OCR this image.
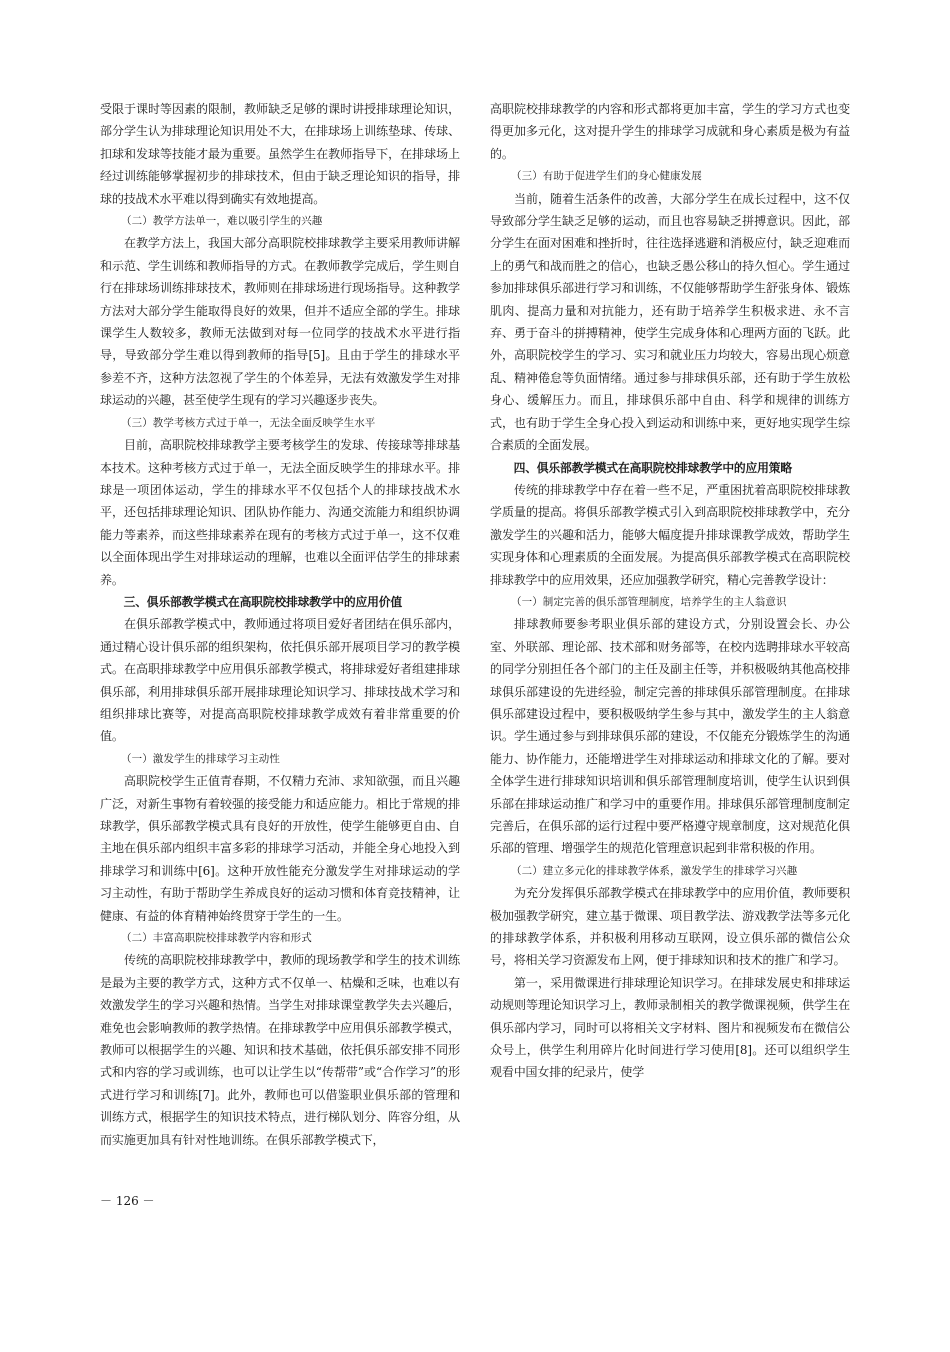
受限于课时等因素的限制，教师缺乏足够的课时讲授排球理论知识，部分学生认为排球理论知识用处不大，在排球场上训练垫球、传球、扣球和发球等技能才最为重要。虽然学生在教师指导下，在排球场上经过训练能够掌握初步的排球技术，但由于缺乏理论知识的指导，排球的技战术水平难以得到确实有效地提高。

（二）教学方法单一，难以吸引学生的兴趣

在教学方法上，我国大部分高职院校排球教学主要采用教师讲解和示范、学生训练和教师指导的方式。在教师教学完成后，学生则自行在排球场训练排球技术，教师则在排球场进行现场指导。这种教学方法对大部分学生能取得良好的效果，但并不适应全部的学生。排球课学生人数较多，教师无法做到对每一位同学的技战术水平进行指导，导致部分学生难以得到教师的指导[5]。且由于学生的排球水平参差不齐，这种方法忽视了学生的个体差异，无法有效激发学生对排球运动的兴趣，甚至使学生现有的学习兴趣逐步丧失。

（三）教学考核方式过于单一，无法全面反映学生水平

目前，高职院校排球教学主要考核学生的发球、传接球等排球基本技术。这种考核方式过于单一，无法全面反映学生的排球水平。排球是一项团体运动，学生的排球水平不仅包括个人的排球技战术水平，还包括排球理论知识、团队协作能力、沟通交流能力和组织协调能力等素养，而这些排球素养在现有的考核方式过于单一，这不仅难以全面体现出学生对排球运动的理解，也难以全面评估学生的排球素养。

三、俱乐部教学模式在高职院校排球教学中的应用价值

在俱乐部教学模式中，教师通过将项目爱好者团结在俱乐部内，通过精心设计俱乐部的组织架构，依托俱乐部开展项目学习的教学模式。在高职排球教学中应用俱乐部教学模式，将排球爱好者组建排球俱乐部，利用排球俱乐部开展排球理论知识学习、排球技战术学习和组织排球比赛等，对提高高职院校排球教学成效有着非常重要的价值。

（一）激发学生的排球学习主动性

高职院校学生正值青春期，不仅精力充沛、求知欲强，而且兴趣广泛，对新生事物有着较强的接受能力和适应能力。相比于常规的排球教学，俱乐部教学模式具有良好的开放性，使学生能够更自由、自主地在俱乐部内组织丰富多彩的排球学习活动，并能全身心地投入到排球学习和训练中[6]。这种开放性能充分激发学生对排球运动的学习主动性，有助于帮助学生养成良好的运动习惯和体育竞技精神，让健康、有益的体育精神始终贯穿于学生的一生。

（二）丰富高职院校排球教学内容和形式

传统的高职院校排球教学中，教师的现场教学和学生的技术训练是最为主要的教学方式，这种方式不仅单一、枯燥和乏味，也难以有效激发学生的学习兴趣和热情。当学生对排球课堂教学失去兴趣后，难免也会影响教师的教学热情。在排球教学中应用俱乐部教学模式，教师可以根据学生的兴趣、知识和技术基础，依托俱乐部安排不同形式和内容的学习或训练，也可以让学生以“传帮带”或“合作学习”的形式进行学习和训练[7]。此外，教师也可以借鉴职业俱乐部的管理和训练方式，根据学生的知识技术特点，进行梯队划分、阵容分组，从而实施更加具有针对性地训练。在俱乐部教学模式下，

高职院校排球教学的内容和形式都将更加丰富，学生的学习方式也变得更加多元化，这对提升学生的排球学习成就和身心素质是极为有益的。

（三）有助于促进学生们的身心健康发展

当前，随着生活条件的改善，大部分学生在成长过程中，这不仅导致部分学生缺乏足够的运动，而且也容易缺乏拼搏意识。因此，部分学生在面对困难和挫折时，往往选择逃避和消极应付，缺乏迎难而上的勇气和战而胜之的信心，也缺乏愚公移山的持久恒心。学生通过参加排球俱乐部进行学习和训练，不仅能够帮助学生舒张身体、锻炼肌肉、提高力量和对抗能力，还有助于培养学生积极求进、永不言弃、勇于奋斗的拼搏精神，使学生完成身体和心理两方面的飞跃。此外，高职院校学生的学习、实习和就业压力均较大，容易出现心烦意乱、精神倦怠等负面情绪。通过参与排球俱乐部，还有助于学生放松身心、缓解压力。而且，排球俱乐部中自由、科学和规律的训练方式，也有助于学生全身心投入到运动和训练中来，更好地实现学生综合素质的全面发展。

四、俱乐部教学模式在高职院校排球教学中的应用策略

传统的排球教学中存在着一些不足，严重困扰着高职院校排球教学质量的提高。将俱乐部教学模式引入到高职院校排球教学中，充分激发学生的兴趣和活力，能够大幅度提升排球课教学成效，帮助学生实现身体和心理素质的全面发展。为提高俱乐部教学模式在高职院校排球教学中的应用效果，还应加强教学研究，精心完善教学设计：

（一）制定完善的俱乐部管理制度，培养学生的主人翁意识

排球教师要参考职业俱乐部的建设方式，分别设置会长、办公室、外联部、理论部、技术部和财务部等，在校内选聘排球水平较高的同学分别担任各个部门的主任及副主任等，并积极吸纳其他高校排球俱乐部建设的先进经验，制定完善的排球俱乐部管理制度。在排球俱乐部建设过程中，要积极吸纳学生参与其中，激发学生的主人翁意识。学生通过参与到排球俱乐部的建设，不仅能充分锻炼学生的沟通能力、协作能力，还能增进学生对排球运动和排球文化的了解。要对全体学生进行排球知识培训和俱乐部管理制度培训，使学生认识到俱乐部在排球运动推广和学习中的重要作用。排球俱乐部管理制度制定完善后，在俱乐部的运行过程中要严格遵守规章制度，这对规范化俱乐部的管理、增强学生的规范化管理意识起到非常积极的作用。

（二）建立多元化的排球教学体系，激发学生的排球学习兴趣

为充分发挥俱乐部教学模式在排球教学中的应用价值，教师要积极加强教学研究，建立基于微课、项目教学法、游戏教学法等多元化的排球教学体系，并积极利用移动互联网，设立俱乐部的微信公众号，将相关学习资源发布上网，便于排球知识和技术的推广和学习。

第一，采用微课进行排球理论知识学习。在排球发展史和排球运动规则等理论知识学习上，教师录制相关的教学微课视频，供学生在俱乐部内学习，同时可以将相关文字材料、图片和视频发布在微信公众号上，供学生利用碎片化时间进行学习使用[8]。还可以组织学生观看中国女排的纪录片，使学

－ 126 －
